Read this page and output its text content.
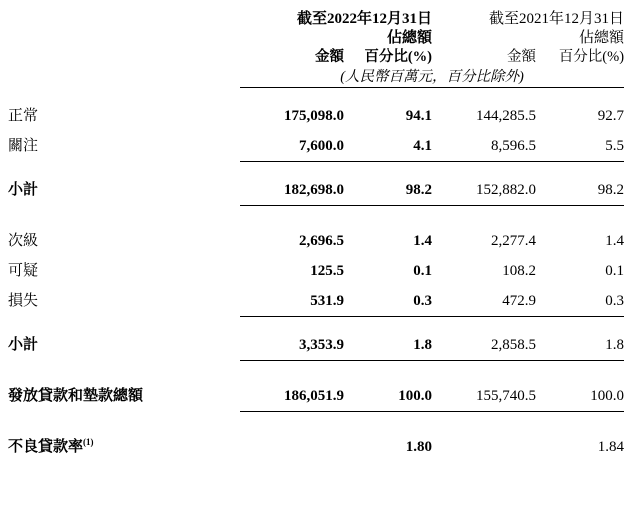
	截至2022年12月31日		截至2021年12月31日	
	佔總額		佔總額	
	金額	百分比(%)	金額	百分比(%)
	(人民幣百萬元，百分比除外)			

正常	175,098.0	94.1	144,285.5	92.7
關注	7,600.0	4.1	8,596.5	5.5

小計	182,698.0	98.2	152,882.0	98.2

次級	2,696.5	1.4	2,277.4	1.4
可疑	125.5	0.1	108.2	0.1
損失	531.9	0.3	472.9	0.3

小計	3,353.9	1.8	2,858.5	1.8

發放貸款和墊款總額	186,051.9	100.0	155,740.5	100.0

不良貸款率$^{(1)}$		1.80		1.84
